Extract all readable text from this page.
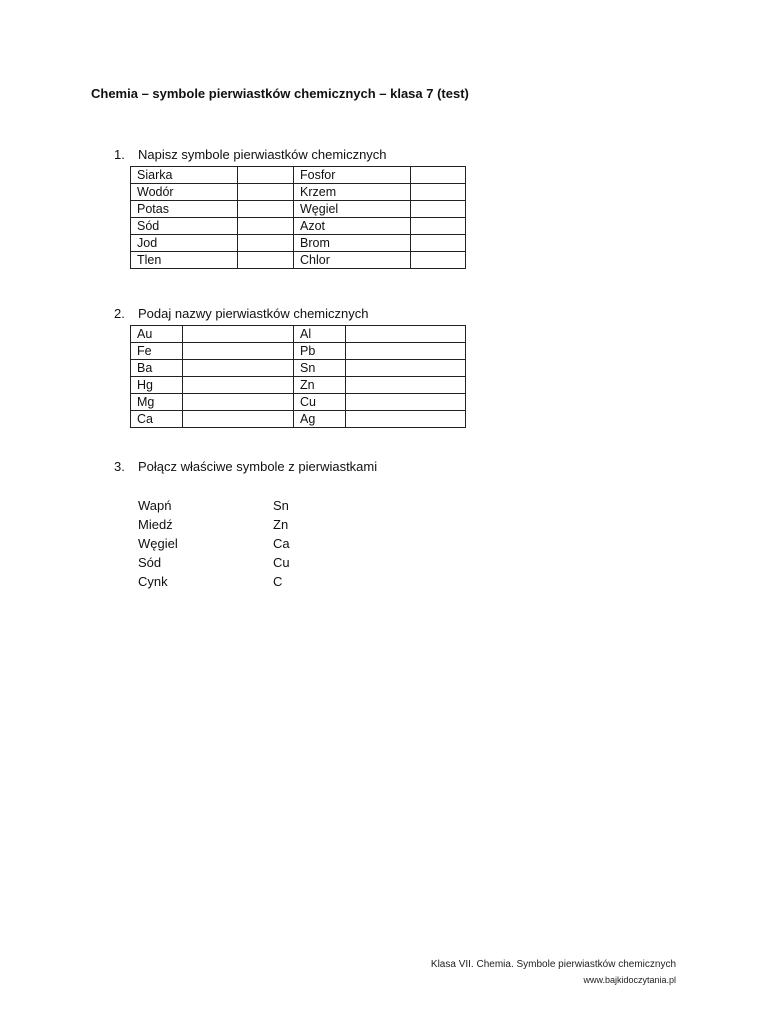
Chemia – symbole pierwiastków chemicznych – klasa 7 (test)
1. Napisz symbole pierwiastków chemicznych
Siarka		Fosfor	
Wodór		Krzem	
Potas		Węgiel	
Sód		Azot	
Jod		Brom	
Tlen		Chlor	
2. Podaj nazwy pierwiastków chemicznych
Au		Al	
Fe		Pb	
Ba		Sn	
Hg		Zn	
Mg		Cu	
Ca		Ag	
3. Połącz właściwe symbole z pierwiastkami
Wapń	Sn
Miedź	Zn
Węgiel	Ca
Sód	Cu
Cynk	C
Klasa VII. Chemia. Symbole pierwiastków chemicznych
www.bajkidoczytania.pl
